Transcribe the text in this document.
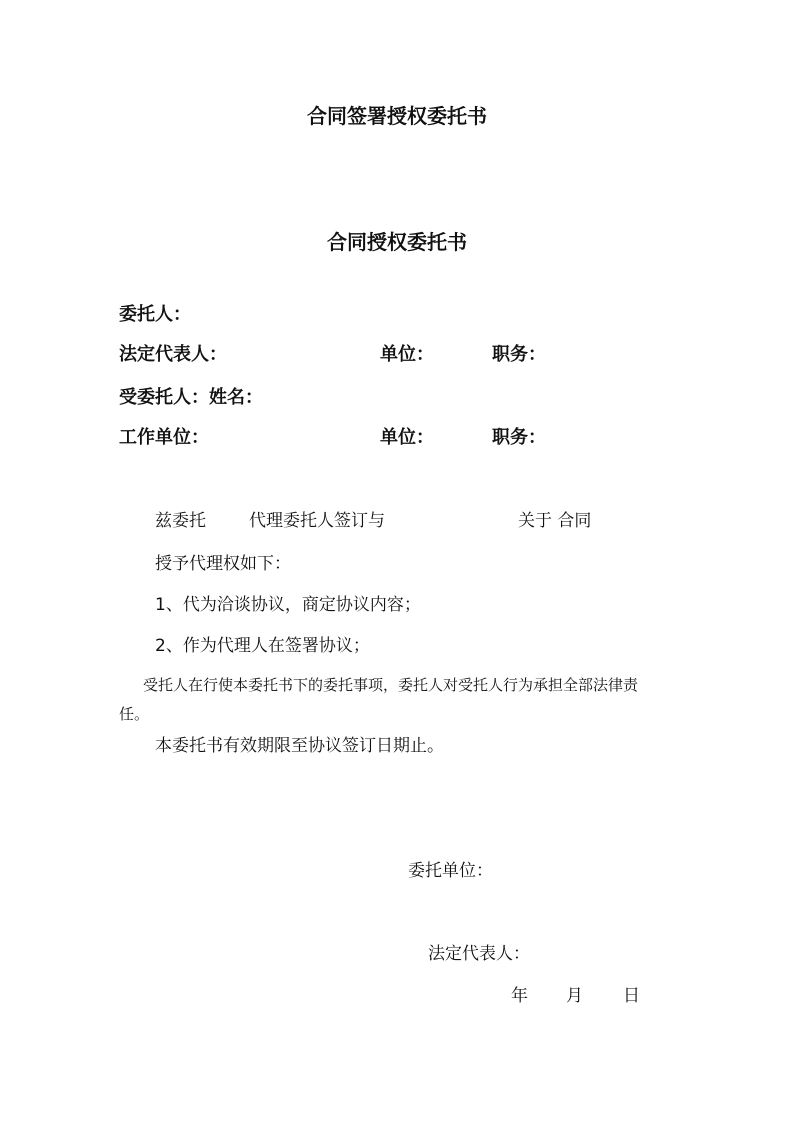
合同签署授权委托书
合同授权委托书
委托人：
法定代表人：	单位：	职务：
受委托人：姓名：
工作单位：	单位：	职务：
兹委托	代理委托人签订与	关于 合同
授予代理权如下：
1、代为洽谈协议，商定协议内容；
2、作为代理人在签署协议；
受托人在行使本委托书下的委托事项，委托人对受托人行为承担全部法律责
任。
本委托书有效期限至协议签订日期止。
委托单位：
法定代表人：
年 月 日
